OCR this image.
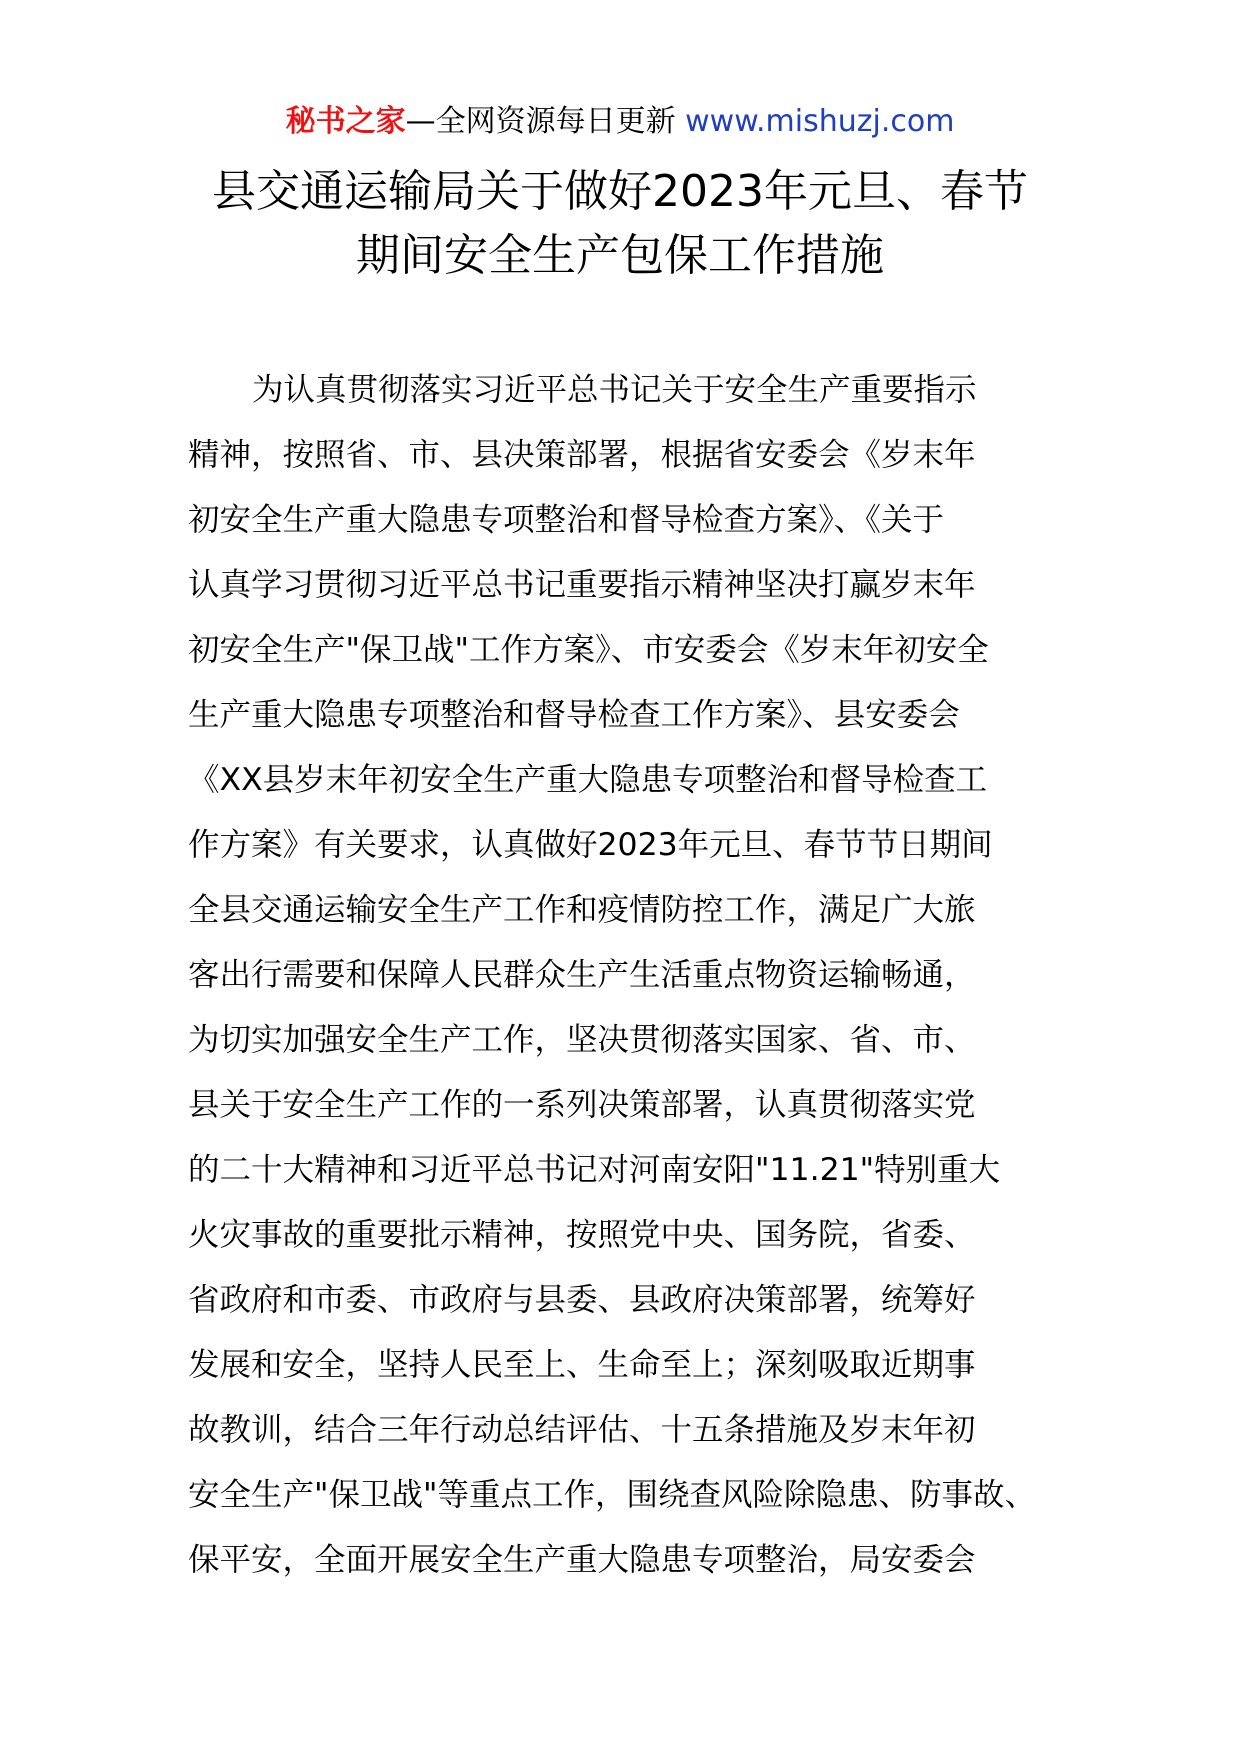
秘书之家—全网资源每日更新 www.mishuzj.com
县交通运输局关于做好2023年元旦、春节
期间安全生产包保工作措施
为认真贯彻落实习近平总书记关于安全生产重要指示
精神，按照省、市、县决策部署，根据省安委会《岁末年
初安全生产重大隐患专项整治和督导检查方案》、《关于
认真学习贯彻习近平总书记重要指示精神坚决打赢岁末年
初安全生产"保卫战"工作方案》、市安委会《岁末年初安全
生产重大隐患专项整治和督导检查工作方案》、县安委会
《XX县岁末年初安全生产重大隐患专项整治和督导检查工
作方案》有关要求，认真做好2023年元旦、春节节日期间
全县交通运输安全生产工作和疫情防控工作，满足广大旅
客出行需要和保障人民群众生产生活重点物资运输畅通，
为切实加强安全生产工作，坚决贯彻落实国家、省、市、
县关于安全生产工作的一系列决策部署，认真贯彻落实党
的二十大精神和习近平总书记对河南安阳"11.21"特别重大
火灾事故的重要批示精神，按照党中央、国务院，省委、
省政府和市委、市政府与县委、县政府决策部署，统筹好
发展和安全，坚持人民至上、生命至上；深刻吸取近期事
故教训，结合三年行动总结评估、十五条措施及岁末年初
安全生产"保卫战"等重点工作，围绕查风险除隐患、防事故、
保平安，全面开展安全生产重大隐患专项整治，局安委会
